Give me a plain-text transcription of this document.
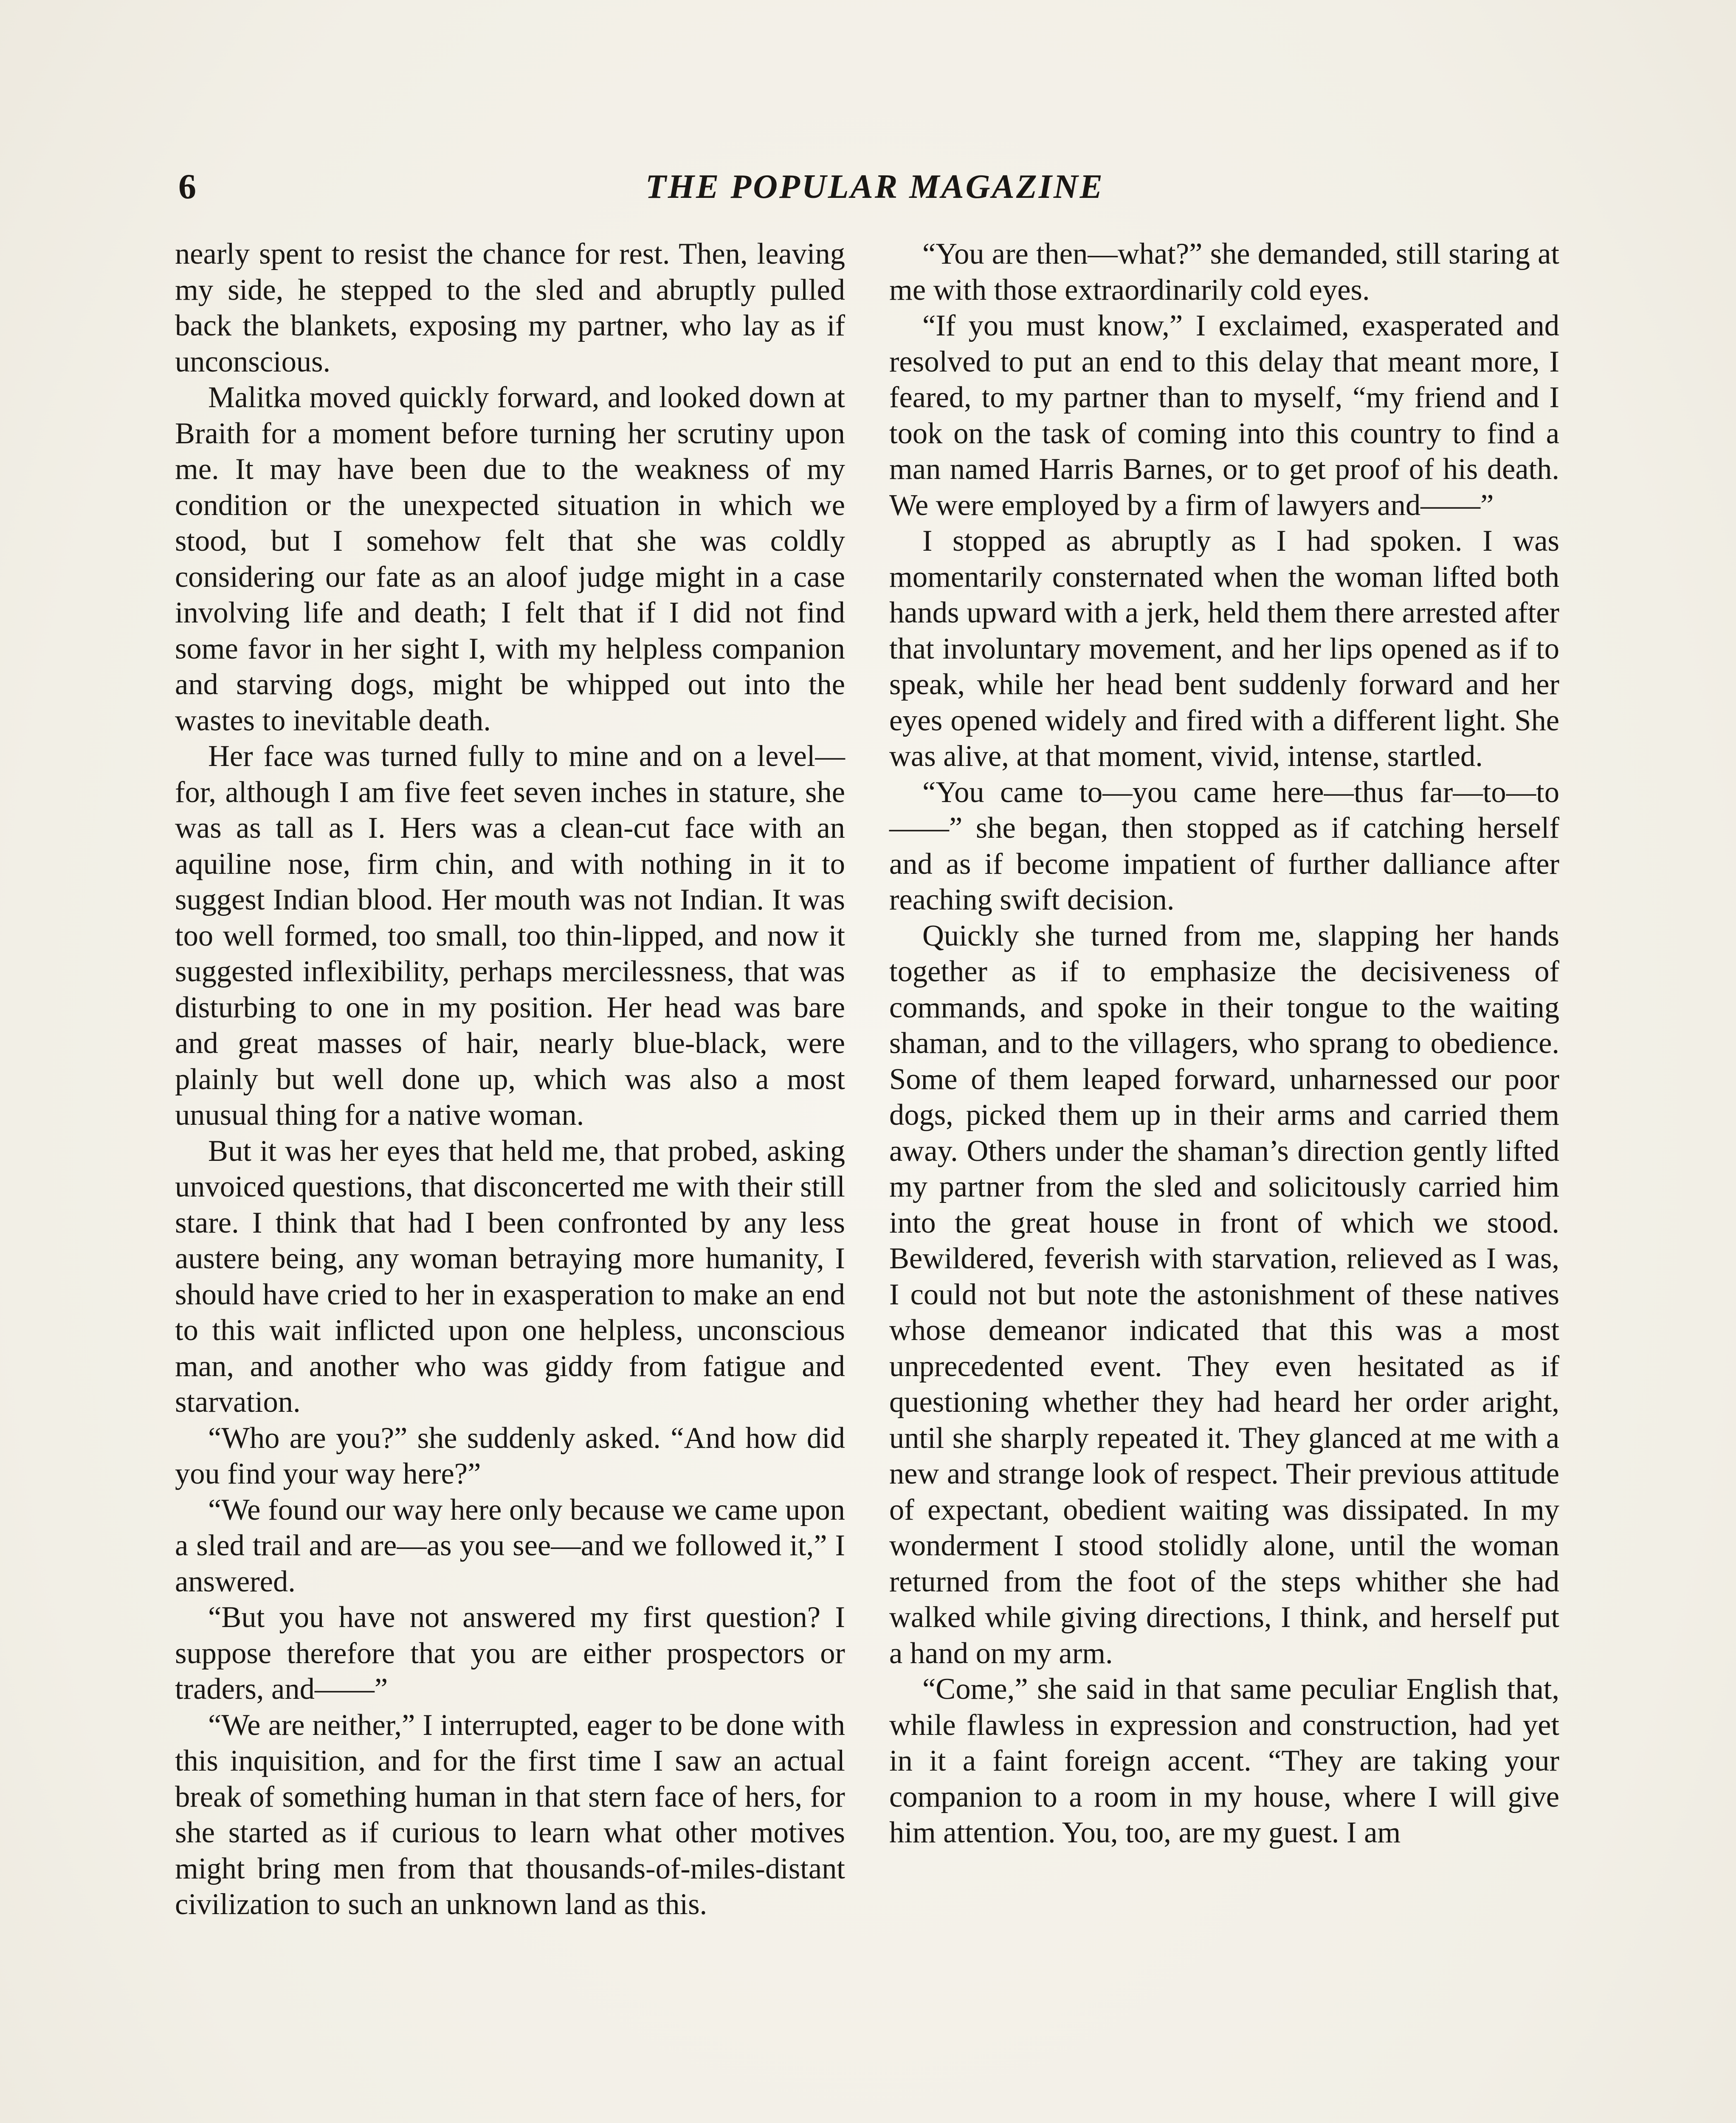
6	THE POPULAR MAGAZINE

nearly spent to resist the chance for rest. Then, leaving my side, he stepped to the sled and abruptly pulled back the blankets, exposing my partner, who lay as if unconscious.

Malitka moved quickly forward, and looked down at Braith for a moment before turning her scrutiny upon me. It may have been due to the weakness of my condition or the unexpected situation in which we stood, but I somehow felt that she was coldly considering our fate as an aloof judge might in a case involving life and death; I felt that if I did not find some favor in her sight I, with my helpless companion and starving dogs, might be whipped out into the wastes to inevitable death.

Her face was turned fully to mine and on a level—for, although I am five feet seven inches in stature, she was as tall as I. Hers was a clean-cut face with an aquiline nose, firm chin, and with nothing in it to suggest Indian blood. Her mouth was not Indian. It was too well formed, too small, too thin-lipped, and now it suggested inflexibility, perhaps mercilessness, that was disturbing to one in my position. Her head was bare and great masses of hair, nearly blue-black, were plainly but well done up, which was also a most unusual thing for a native woman.

But it was her eyes that held me, that probed, asking unvoiced questions, that disconcerted me with their still stare. I think that had I been confronted by any less austere being, any woman betraying more humanity, I should have cried to her in exasperation to make an end to this wait inflicted upon one helpless, unconscious man, and another who was giddy from fatigue and starvation.

“Who are you?” she suddenly asked. “And how did you find your way here?”

“We found our way here only because we came upon a sled trail and are—as you see—and we followed it,” I answered.

“But you have not answered my first question? I suppose therefore that you are either prospectors or traders, and——”

“We are neither,” I interrupted, eager to be done with this inquisition, and for the first time I saw an actual break of something human in that stern face of hers, for she started as if curious to learn what other motives might bring men from that thousands-of-miles-distant civilization to such an unknown land as this.

“You are then—what?” she demanded, still staring at me with those extraordinarily cold eyes.

“If you must know,” I exclaimed, exasperated and resolved to put an end to this delay that meant more, I feared, to my partner than to myself, “my friend and I took on the task of coming into this country to find a man named Harris Barnes, or to get proof of his death. We were employed by a firm of lawyers and——”

I stopped as abruptly as I had spoken. I was momentarily consternated when the woman lifted both hands upward with a jerk, held them there arrested after that involuntary movement, and her lips opened as if to speak, while her head bent suddenly forward and her eyes opened widely and fired with a different light. She was alive, at that moment, vivid, intense, startled.

“You came to—you came here—thus far—to—to——” she began, then stopped as if catching herself and as if become impatient of further dalliance after reaching swift decision.

Quickly she turned from me, slapping her hands together as if to emphasize the decisiveness of commands, and spoke in their tongue to the waiting shaman, and to the villagers, who sprang to obedience. Some of them leaped forward, unharnessed our poor dogs, picked them up in their arms and carried them away. Others under the shaman’s direction gently lifted my partner from the sled and solicitously carried him into the great house in front of which we stood. Bewildered, feverish with starvation, relieved as I was, I could not but note the astonishment of these natives whose demeanor indicated that this was a most unprecedented event. They even hesitated as if questioning whether they had heard her order aright, until she sharply repeated it. They glanced at me with a new and strange look of respect. Their previous attitude of expectant, obedient waiting was dissipated. In my wonderment I stood stolidly alone, until the woman returned from the foot of the steps whither she had walked while giving directions, I think, and herself put a hand on my arm.

“Come,” she said in that same peculiar English that, while flawless in expression and construction, had yet in it a faint foreign accent. “They are taking your companion to a room in my house, where I will give him attention. You, too, are my guest. I am
